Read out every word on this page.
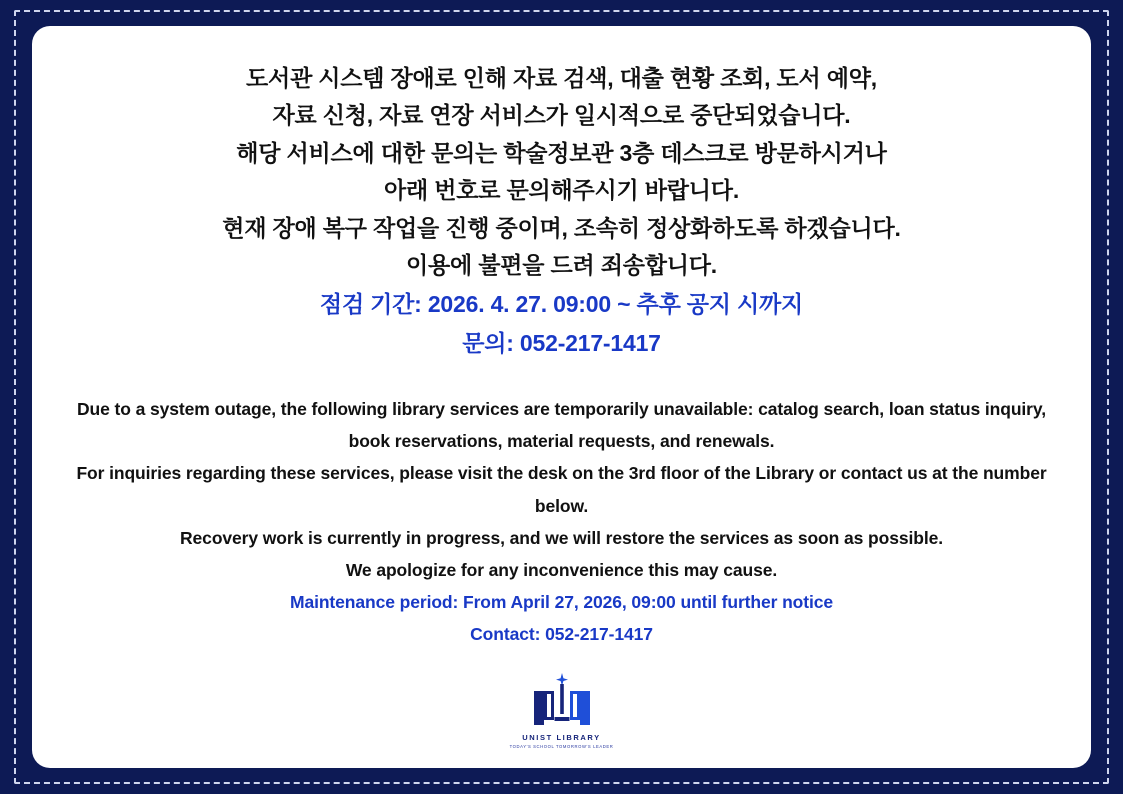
도서관 시스템 장애로 인해 자료 검색, 대출 현황 조회, 도서 예약,
자료 신청, 자료 연장 서비스가 일시적으로 중단되었습니다.
해당 서비스에 대한 문의는 학술정보관 3층 데스크로 방문하시거나
아래 번호로 문의해주시기 바랍니다.
현재 장애 복구 작업을 진행 중이며, 조속히 정상화하도록 하겠습니다.
이용에 불편을 드려 죄송합니다.
점검 기간: 2026. 4. 27. 09:00 ~ 추후 공지 시까지
문의: 052-217-1417
Due to a system outage, the following library services are temporarily unavailable: catalog search, loan status inquiry, book reservations, material requests, and renewals.
For inquiries regarding these services, please visit the desk on the 3rd floor of the Library or contact us at the number below.
Recovery work is currently in progress, and we will restore the services as soon as possible.
We apologize for any inconvenience this may cause.
Maintenance period: From April 27, 2026, 09:00 until further notice
Contact: 052-217-1417
UNIST LIBRARY
TODAY'S SCHOOL TOMORROW'S LEADER
